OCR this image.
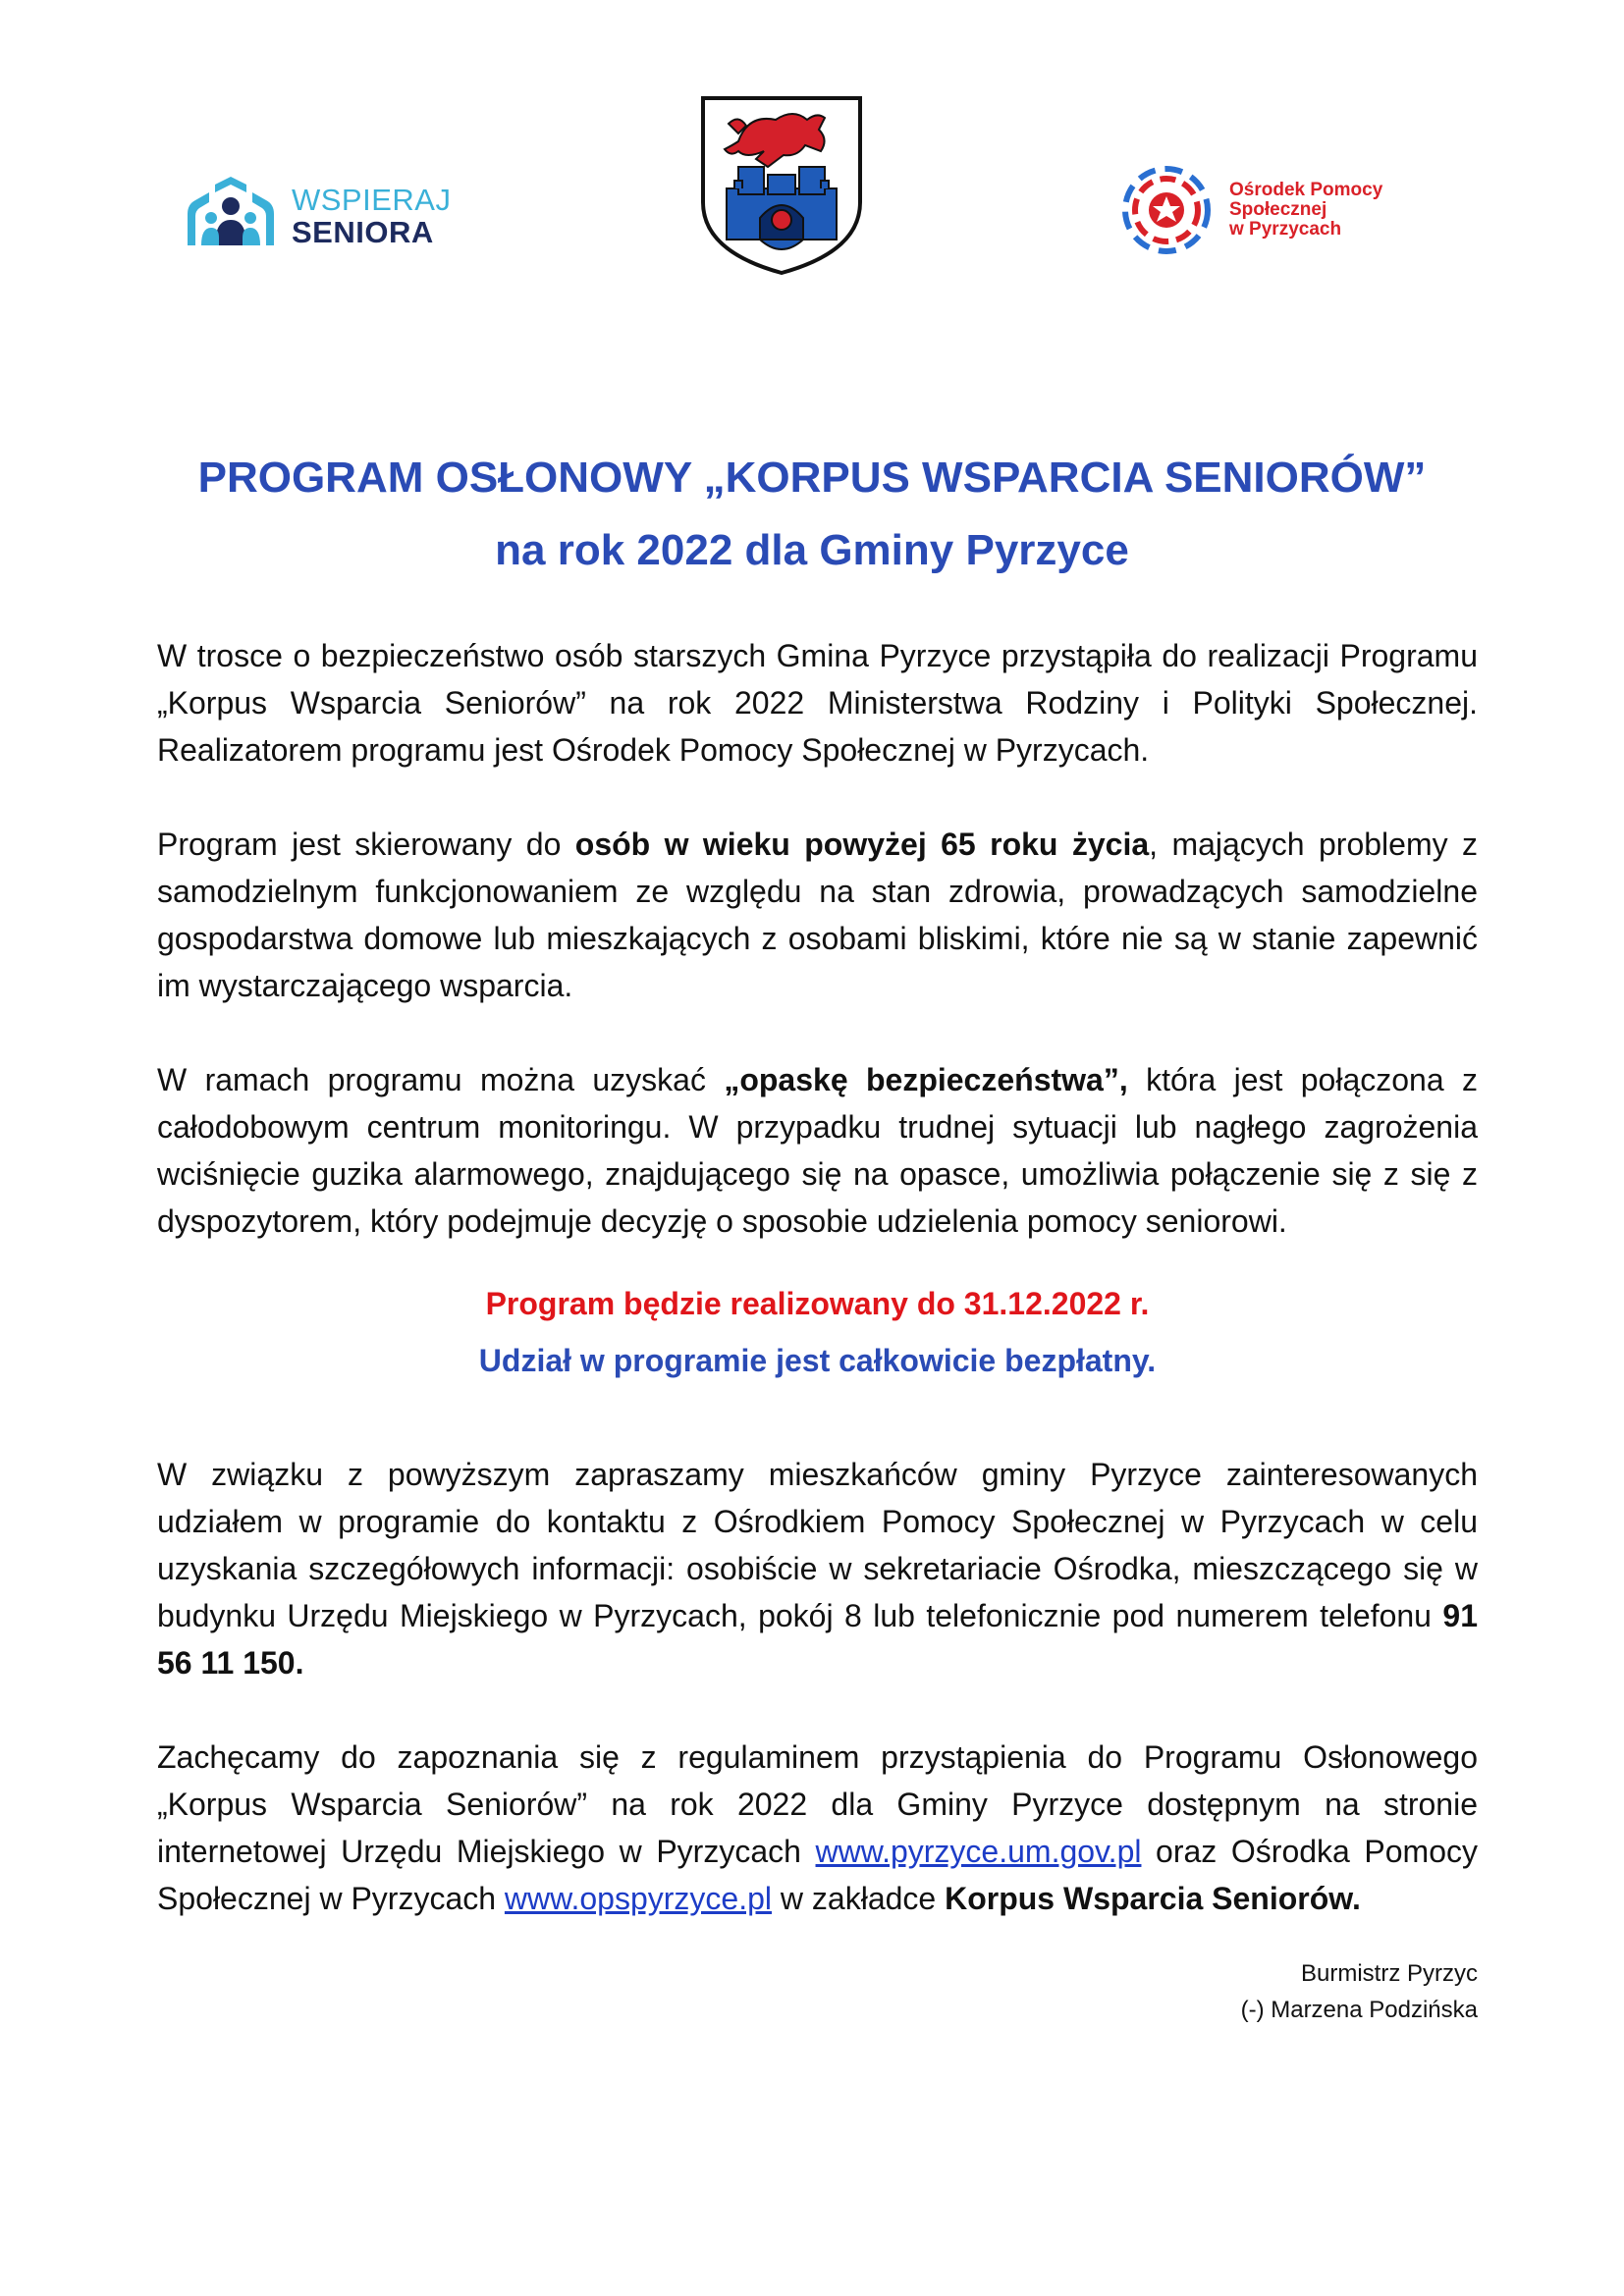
WSPIERAJ
SENIORA
Ośrodek Pomocy
Społecznej
w Pyrzycach
PROGRAM OSŁONOWY „KORPUS WSPARCIA SENIORÓW”
na rok 2022 dla Gminy Pyrzyce

W trosce o bezpieczeństwo osób starszych Gmina Pyrzyce przystąpiła do realizacji Programu „Korpus Wsparcia Seniorów” na rok 2022 Ministerstwa Rodziny i Polityki Społecznej. Realizatorem programu jest Ośrodek Pomocy Społecznej w Pyrzycach.

Program jest skierowany do osób w wieku powyżej 65 roku życia, mających problemy z samodzielnym funkcjonowaniem ze względu na stan zdrowia, prowadzących samodzielne gospodarstwa domowe lub mieszkających z osobami bliskimi, które nie są w stanie zapewnić im wystarczającego wsparcia.

W ramach programu można uzyskać „opaskę bezpieczeństwa”, która jest połączona z całodobowym centrum monitoringu. W przypadku trudnej sytuacji lub nagłego zagrożenia wciśnięcie guzika alarmowego, znajdującego się na opasce, umożliwia połączenie się z się z dyspozytorem, który podejmuje decyzję o sposobie udzielenia pomocy seniorowi.

Program będzie realizowany do 31.12.2022 r.

Udział w programie jest całkowicie bezpłatny.

W związku z powyższym zapraszamy mieszkańców gminy Pyrzyce zainteresowanych udziałem w programie do kontaktu z Ośrodkiem Pomocy Społecznej w Pyrzycach w celu uzyskania szczegółowych informacji: osobiście w sekretariacie Ośrodka, mieszczącego się w budynku Urzędu Miejskiego w Pyrzycach, pokój 8 lub telefonicznie pod numerem telefonu 91 56 11 150.

Zachęcamy do zapoznania się z regulaminem przystąpienia do Programu Osłonowego „Korpus Wsparcia Seniorów” na rok 2022 dla Gminy Pyrzyce dostępnym na stronie internetowej Urzędu Miejskiego w Pyrzycach www.pyrzyce.um.gov.pl oraz Ośrodka Pomocy Społecznej w Pyrzycach www.opspyrzyce.pl w zakładce Korpus Wsparcia Seniorów.

Burmistrz Pyrzyc
(-) Marzena Podzińska
